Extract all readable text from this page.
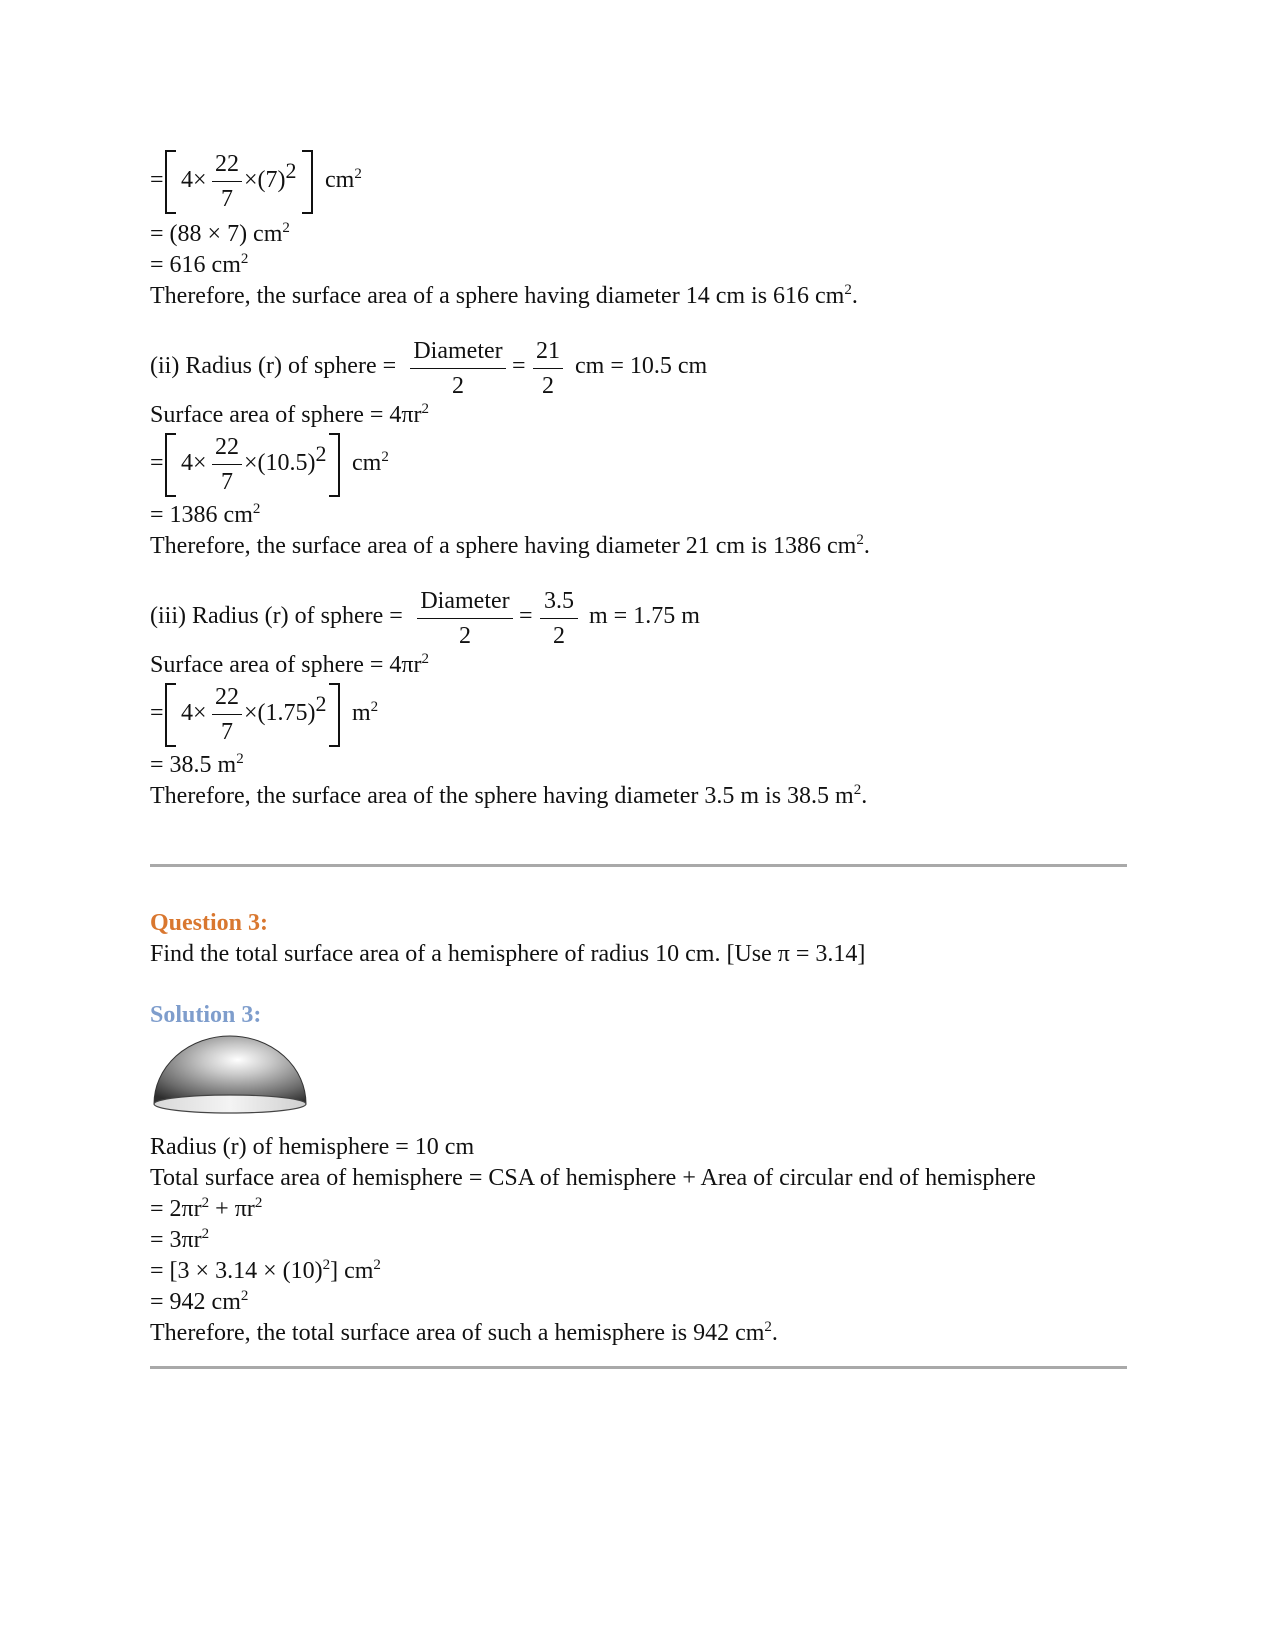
= 4×
22
7
$\times(7)^2$ $cm^2$
= (88 × 7) $cm^2$
= 616 $cm^2$
Therefore, the surface area of a sphere having diameter 14 cm is 616 $cm^2$.
(ii) Radius (r) of sphere =
Diameter
2
=
21
2
cm = 10.5 cm
Surface area of sphere = $4\pi r^2$
= 4×
22
7
$\times(10.5)^2$ $cm^2$
= 1386 $cm^2$
Therefore, the surface area of a sphere having diameter 21 cm is 1386 $cm^2$.
(iii) Radius (r) of sphere =
Diameter
2
=
3.5
2
m = 1.75 m
Surface area of sphere = $4\pi r^2$
= 4×
22
7
$\times(1.75)^2$ $m^2$
= 38.5 $m^2$
Therefore, the surface area of the sphere having diameter 3.5 m is 38.5 $m^2$.
Question 3:
Find the total surface area of a hemisphere of radius 10 cm. [Use π = 3.14]
Solution 3:
Radius (r) of hemisphere = 10 cm
Total surface area of hemisphere = CSA of hemisphere + Area of circular end of hemisphere
= $2\pi r^2 + \pi r^2$
= $3\pi r^2$
= $[3 \times 3.14 \times (10)^2]$ $cm^2$
= 942 $cm^2$
Therefore, the total surface area of such a hemisphere is 942 $cm^2$.
